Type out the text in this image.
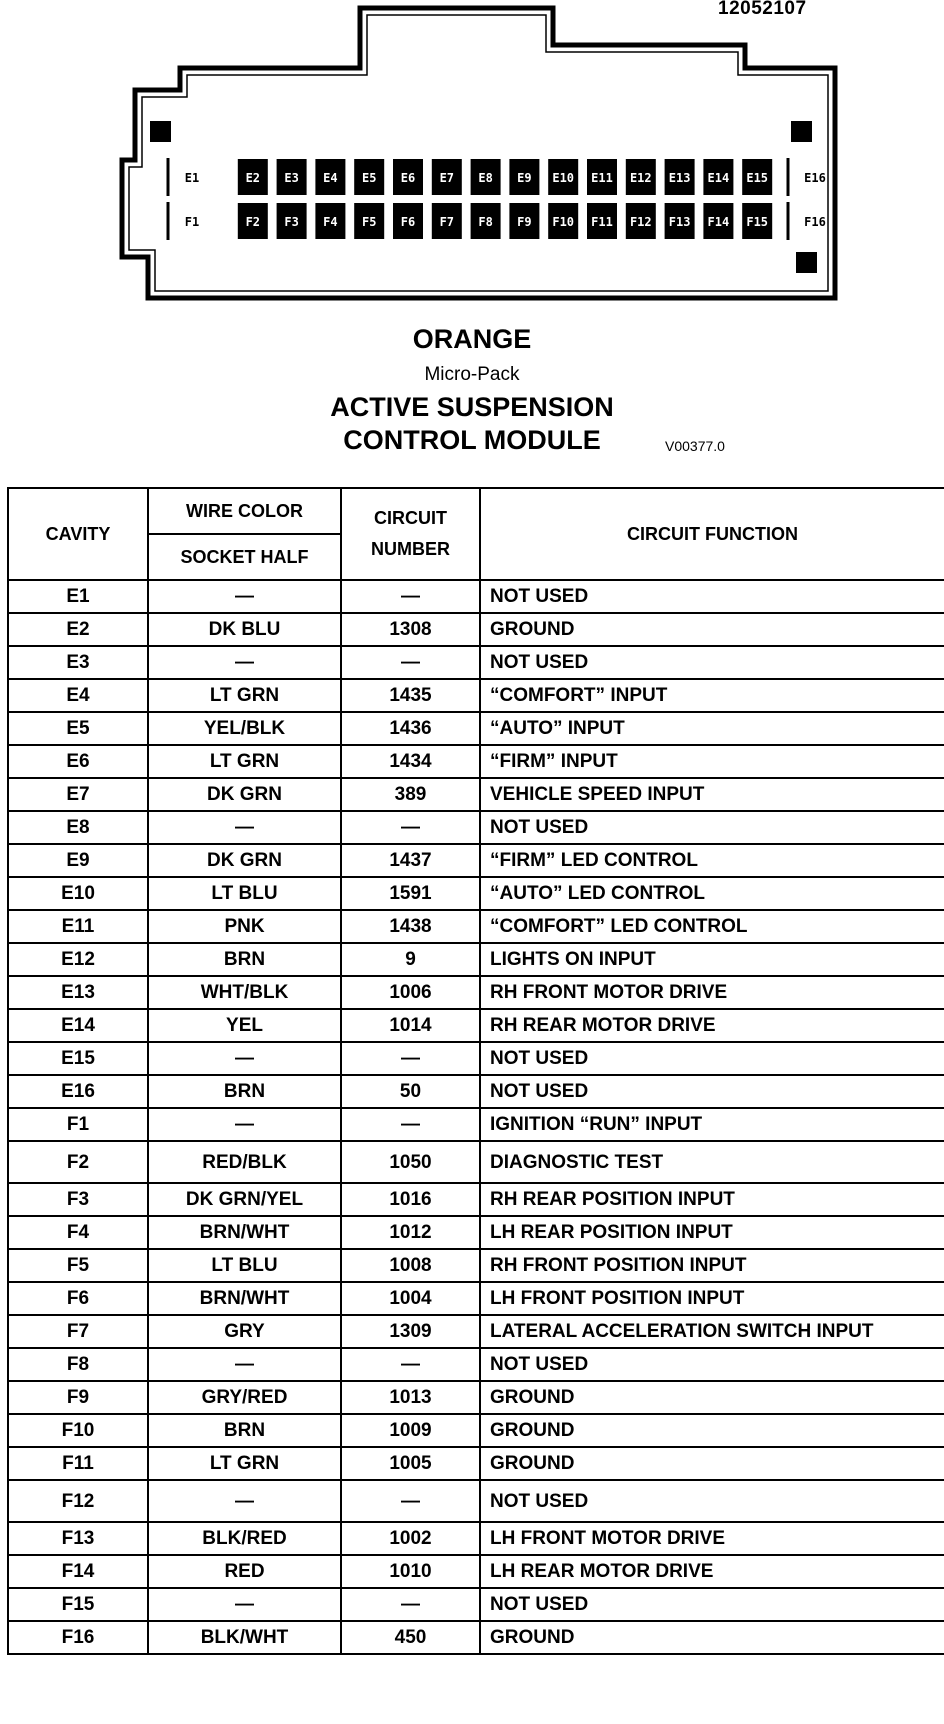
12052107
E1	E2 E3 E4 E5 E6 E7 E8 E9 E10 E11 E12 E13 E14 E15	E16
F1	F2 F3 F4 F5 F6 F7 F8 F9 F10 F11 F12 F13 F14 F15	F16
ORANGE
Micro-Pack
ACTIVE SUSPENSION
CONTROL MODULE	V00377.0
CAVITY	WIRE COLOR	CIRCUIT NUMBER	CIRCUIT FUNCTION
	SOCKET HALF		
E1	—	—	NOT USED
E2	DK BLU	1308	GROUND
E3	—	—	NOT USED
E4	LT GRN	1435	“COMFORT” INPUT
E5	YEL/BLK	1436	“AUTO” INPUT
E6	LT GRN	1434	“FIRM” INPUT
E7	DK GRN	389	VEHICLE SPEED INPUT
E8	—	—	NOT USED
E9	DK GRN	1437	“FIRM” LED CONTROL
E10	LT BLU	1591	“AUTO” LED CONTROL
E11	PNK	1438	“COMFORT” LED CONTROL
E12	BRN	9	LIGHTS ON INPUT
E13	WHT/BLK	1006	RH FRONT MOTOR DRIVE
E14	YEL	1014	RH REAR MOTOR DRIVE
E15	—	—	NOT USED
E16	BRN	50	NOT USED
F1	—	—	IGNITION “RUN” INPUT
F2	RED/BLK	1050	DIAGNOSTIC TEST
F3	DK GRN/YEL	1016	RH REAR POSITION INPUT
F4	BRN/WHT	1012	LH REAR POSITION INPUT
F5	LT BLU	1008	RH FRONT POSITION INPUT
F6	BRN/WHT	1004	LH FRONT POSITION INPUT
F7	GRY	1309	LATERAL ACCELERATION SWITCH INPUT
F8	—	—	NOT USED
F9	GRY/RED	1013	GROUND
F10	BRN	1009	GROUND
F11	LT GRN	1005	GROUND
F12	—	—	NOT USED
F13	BLK/RED	1002	LH FRONT MOTOR DRIVE
F14	RED	1010	LH REAR MOTOR DRIVE
F15	—	—	NOT USED
F16	BLK/WHT	450	GROUND
